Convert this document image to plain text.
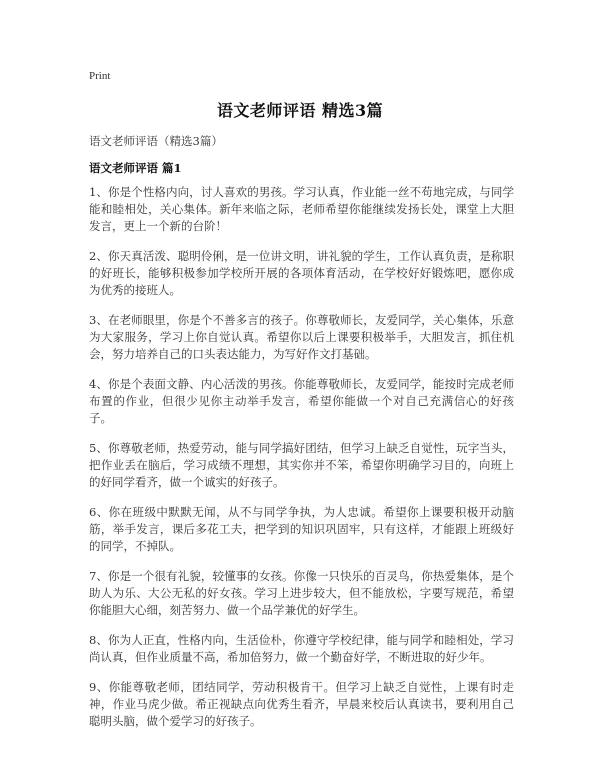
Print
语文老师评语 精选3篇
语文老师评语（精选3篇）
语文老师评语 篇1

1、你是个性格内向，讨人喜欢的男孩。学习认真，作业能一丝不苟地完成，与同学能和睦相处，关心集体。新年来临之际，老师希望你能继续发扬长处，课堂上大胆发言，更上一个新的台阶！

2、你天真活泼、聪明伶俐，是一位讲文明，讲礼貌的学生，工作认真负责，是称职的好班长，能够积极参加学校所开展的各项体育活动，在学校好好锻炼吧，愿你成为优秀的接班人。

3、在老师眼里，你是个不善多言的孩子。你尊敬师长，友爱同学，关心集体，乐意为大家服务，学习上你自觉认真。希望你以后上课要积极举手，大胆发言，抓住机会，努力培养自己的口头表达能力，为写好作文打基础。

4、你是个表面文静、内心活泼的男孩。你能尊敬师长，友爱同学，能按时完成老师布置的作业，但很少见你主动举手发言，希望你能做一个对自己充满信心的好孩子。

5、你尊敬老师，热爱劳动，能与同学搞好团结，但学习上缺乏自觉性，玩字当头，把作业丢在脑后，学习成绩不理想，其实你并不笨，希望你明确学习目的，向班上的好同学看齐，做一个诚实的好孩子。

6、你在班级中默默无闻，从不与同学争执，为人忠诚。希望你上课要积极开动脑筋，举手发言，课后多花工夫，把学到的知识巩固牢，只有这样，才能跟上班级好的同学，不掉队。

7、你是一个很有礼貌，较懂事的女孩。你像一只快乐的百灵鸟，你热爱集体，是个助人为乐、大公无私的好女孩。学习上进步较大，但不能放松，字要写规范，希望你能胆大心细，刻苦努力、做一个品学兼优的好学生。

8、你为人正直，性格内向，生活俭朴，你遵守学校纪律，能与同学和睦相处，学习尚认真，但作业质量不高，希加倍努力，做一个勤奋好学，不断进取的好少年。

9、你能尊敬老师，团结同学，劳动积极肯干。但学习上缺乏自觉性，上课有时走神，作业马虎少做。希正视缺点向优秀生看齐，早晨来校后认真读书，要利用自己聪明头脑，做个爱学习的好孩子。
